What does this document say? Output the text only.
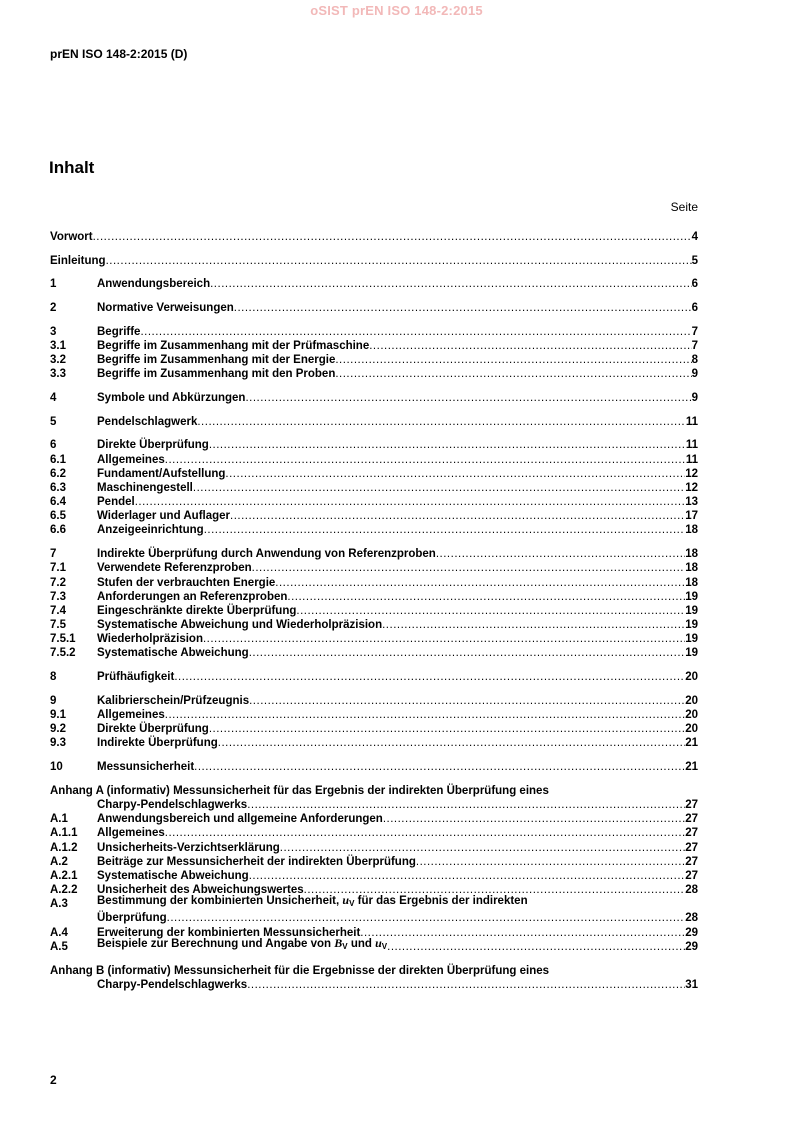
oSIST prEN ISO 148-2:2015
prEN ISO 148-2:2015 (D)
Inhalt
Seite
Vorwort .....	4
Einleitung .....	5
1	Anwendungsbereich .....	6
2	Normative Verweisungen .....	6
3	Begriffe .....	7
3.1	Begriffe im Zusammenhang mit der Prüfmaschine .....	7
3.2	Begriffe im Zusammenhang mit der Energie .....	8
3.3	Begriffe im Zusammenhang mit den Proben .....	9
4	Symbole und Abkürzungen .....	9
5	Pendelschlagwerk .....	11
6	Direkte Überprüfung .....	11
6.1	Allgemeines .....	11
6.2	Fundament/Aufstellung .....	12
6.3	Maschinengestell .....	12
6.4	Pendel .....	13
6.5	Widerlager und Auflager .....	17
6.6	Anzeigeeinrichtung .....	18
7	Indirekte Überprüfung durch Anwendung von Referenzproben .....	18
7.1	Verwendete Referenzproben .....	18
7.2	Stufen der verbrauchten Energie .....	18
7.3	Anforderungen an Referenzproben .....	19
7.4	Eingeschränkte direkte Überprüfung .....	19
7.5	Systematische Abweichung und Wiederholpräzision .....	19
7.5.1	Wiederholpräzision .....	19
7.5.2	Systematische Abweichung .....	19
8	Prüfhäufigkeit .....	20
9	Kalibrierschein/Prüfzeugnis .....	20
9.1	Allgemeines .....	20
9.2	Direkte Überprüfung .....	20
9.3	Indirekte Überprüfung .....	21
10	Messunsicherheit .....	21
Anhang A (informativ) Messunsicherheit für das Ergebnis der indirekten Überprüfung eines
Charpy-Pendelschlagwerks .....	27
A.1	Anwendungsbereich und allgemeine Anforderungen .....	27
A.1.1	Allgemeines .....	27
A.1.2	Unsicherheits-Verzichtserklärung .....	27
A.2	Beiträge zur Messunsicherheit der indirekten Überprüfung .....	27
A.2.1	Systematische Abweichung .....	27
A.2.2	Unsicherheit des Abweichungswertes .....	28
A.3	Bestimmung der kombinierten Unsicherheit, $u_V$ für das Ergebnis der indirekten
Überprüfung .....	28
A.4	Erweiterung der kombinierten Messunsicherheit .....	29
A.5	Beispiele zur Berechnung und Angabe von $B_V$ und $u_V$ .....	29
Anhang B (informativ) Messunsicherheit für die Ergebnisse der direkten Überprüfung eines
Charpy-Pendelschlagwerks .....	31
2
